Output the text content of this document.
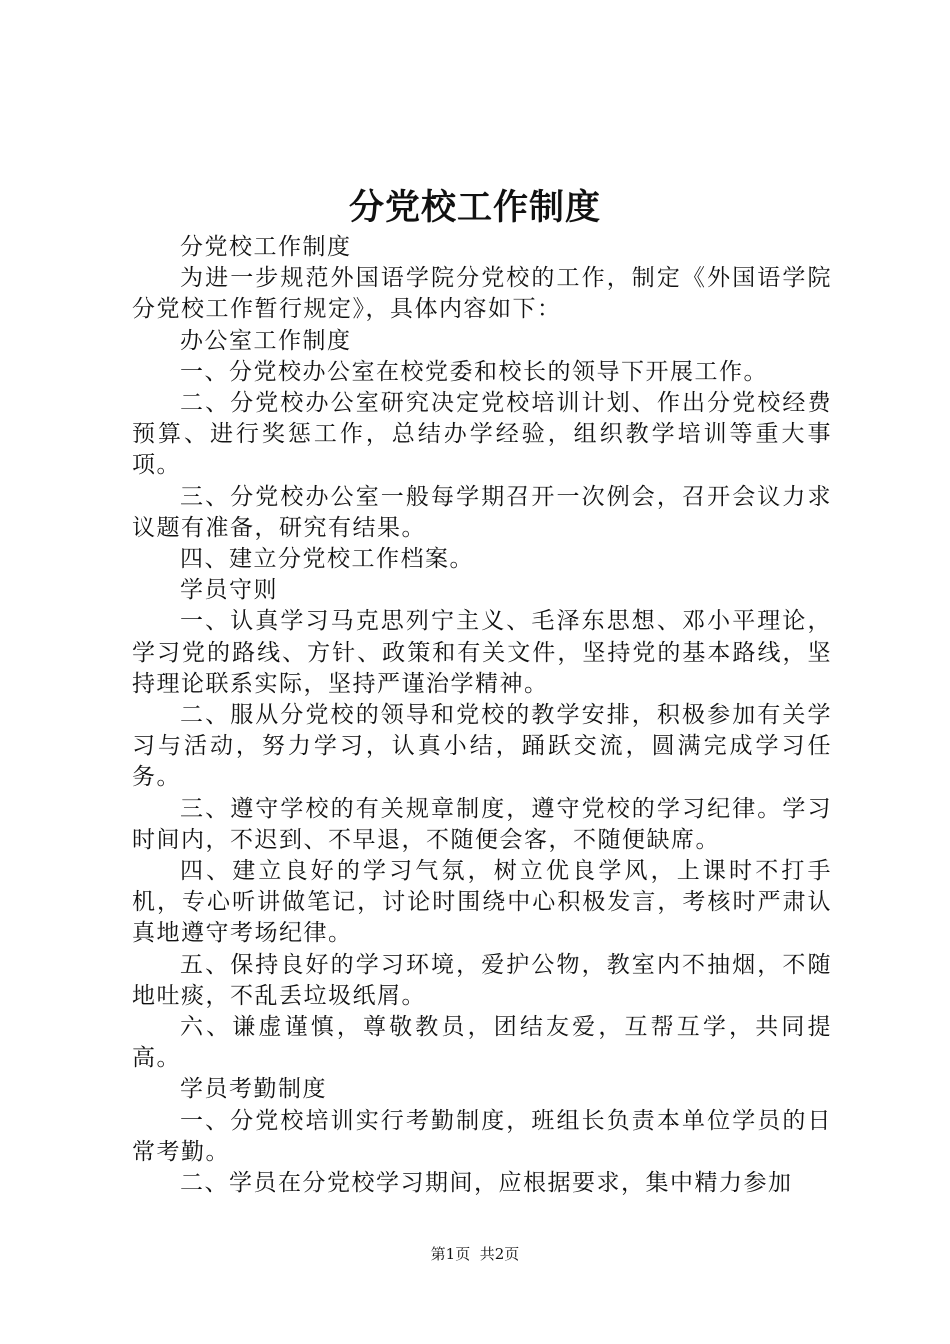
分党校工作制度

分党校工作制度

为进一步规范外国语学院分党校的工作，制定《外国语学院分党校工作暂行规定》，具体内容如下：

办公室工作制度

一、分党校办公室在校党委和校长的领导下开展工作。

二、分党校办公室研究决定党校培训计划、作出分党校经费预算、进行奖惩工作，总结办学经验，组织教学培训等重大事项。

三、分党校办公室一般每学期召开一次例会，召开会议力求议题有准备，研究有结果。

四、建立分党校工作档案。

学员守则

一、认真学习马克思列宁主义、毛泽东思想、邓小平理论，学习党的路线、方针、政策和有关文件，坚持党的基本路线，坚持理论联系实际，坚持严谨治学精神。

二、服从分党校的领导和党校的教学安排，积极参加有关学习与活动，努力学习，认真小结，踊跃交流，圆满完成学习任务。

三、遵守学校的有关规章制度，遵守党校的学习纪律。学习时间内，不迟到、不早退，不随便会客，不随便缺席。

四、建立良好的学习气氛，树立优良学风，上课时不打手机，专心听讲做笔记，讨论时围绕中心积极发言，考核时严肃认真地遵守考场纪律。

五、保持良好的学习环境，爱护公物，教室内不抽烟，不随地吐痰，不乱丢垃圾纸屑。

六、谦虚谨慎，尊敬教员，团结友爱，互帮互学，共同提高。

学员考勤制度

一、分党校培训实行考勤制度，班组长负责本单位学员的日常考勤。

二、学员在分党校学习期间，应根据要求，集中精力参加

第1页 共2页
